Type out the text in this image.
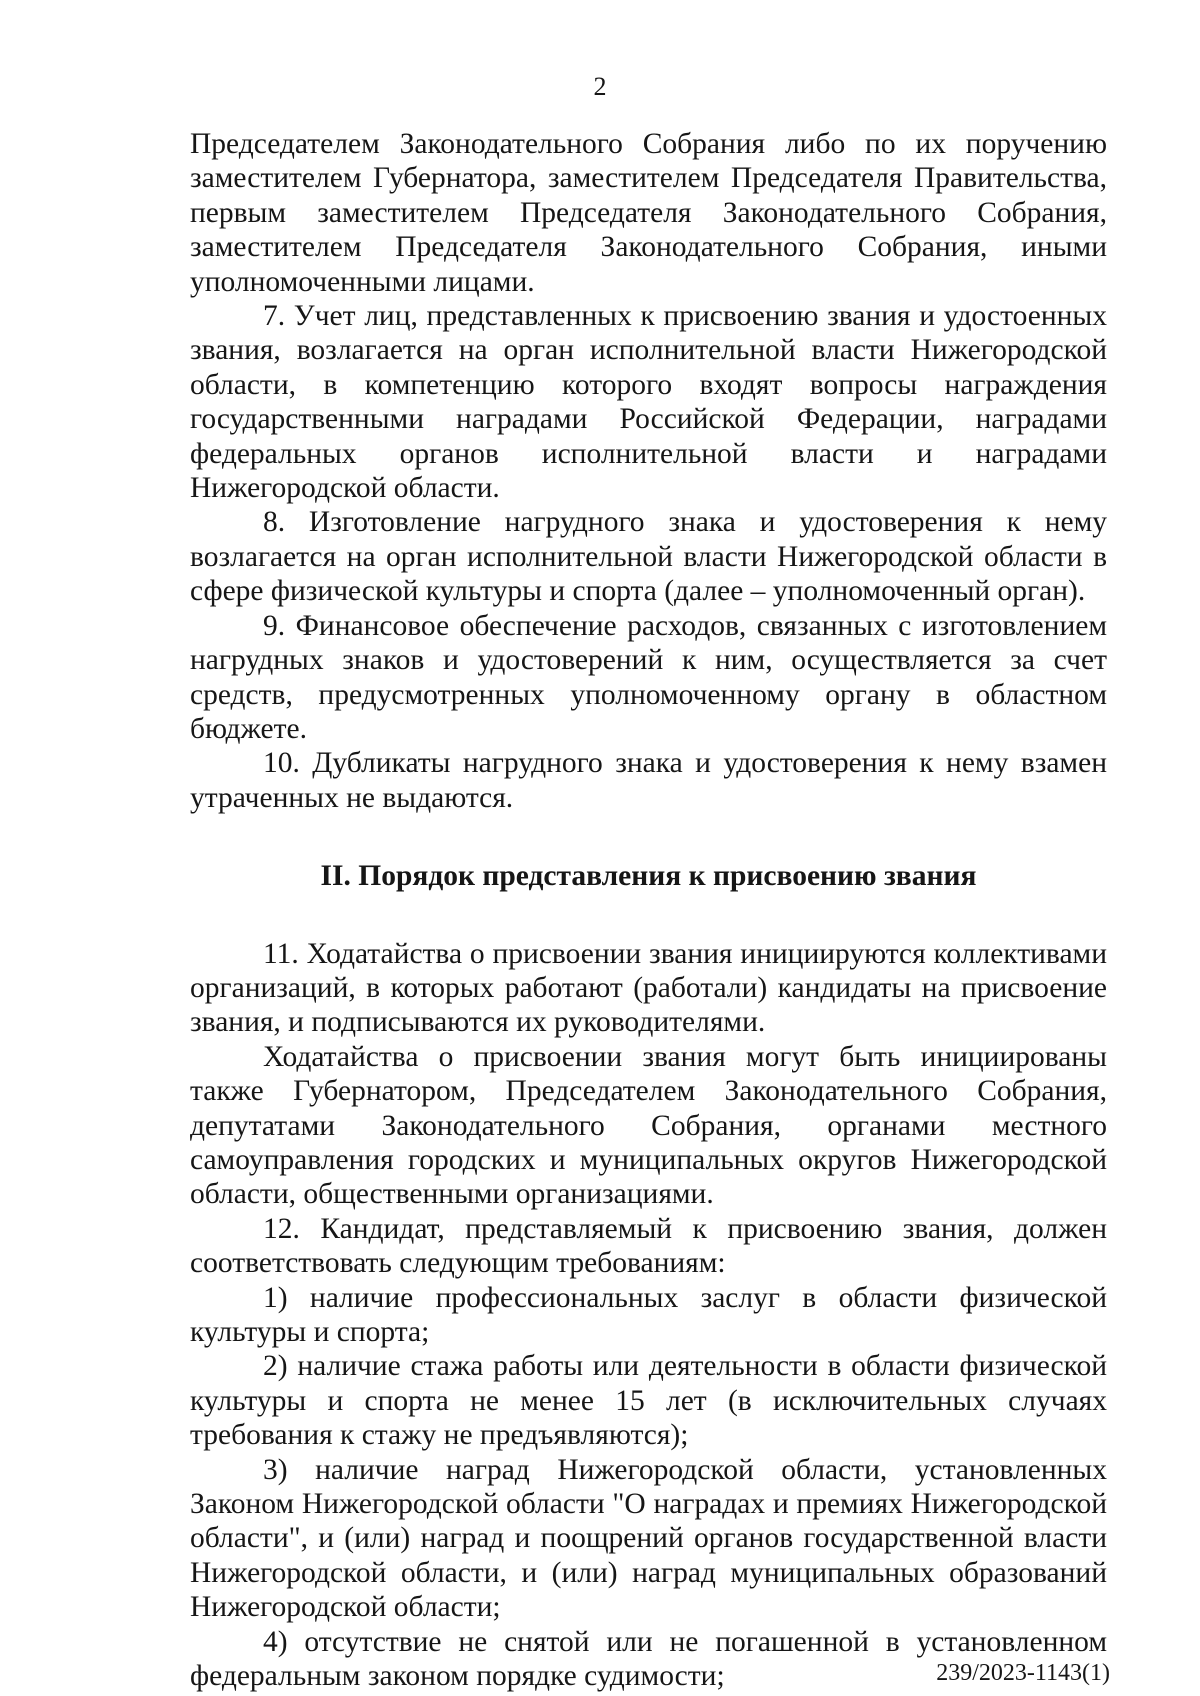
2

Председателем Законодательного Собрания либо по их поручению заместителем Губернатора, заместителем Председателя Правительства, первым заместителем Председателя Законодательного Собрания, заместителем Председателя Законодательного Собрания, иными уполномоченными лицами.

7. Учет лиц, представленных к присвоению звания и удостоенных звания, возлагается на орган исполнительной власти Нижегородской области, в компетенцию которого входят вопросы награждения государственными наградами Российской Федерации, наградами федеральных органов исполнительной власти и наградами Нижегородской области.

8. Изготовление нагрудного знака и удостоверения к нему возлагается на орган исполнительной власти Нижегородской области в сфере физической культуры и спорта (далее – уполномоченный орган).

9. Финансовое обеспечение расходов, связанных с изготовлением нагрудных знаков и удостоверений к ним, осуществляется за счет средств, предусмотренных уполномоченному органу в областном бюджете.

10. Дубликаты нагрудного знака и удостоверения к нему взамен утраченных не выдаются.

II. Порядок представления к присвоению звания

11. Ходатайства о присвоении звания инициируются коллективами организаций, в которых работают (работали) кандидаты на присвоение звания, и подписываются их руководителями.

Ходатайства о присвоении звания могут быть инициированы также Губернатором, Председателем Законодательного Собрания, депутатами Законодательного Собрания, органами местного самоуправления городских и муниципальных округов Нижегородской области, общественными организациями.

12. Кандидат, представляемый к присвоению звания, должен соответствовать следующим требованиям:

1) наличие профессиональных заслуг в области физической культуры и спорта;

2) наличие стажа работы или деятельности в области физической культуры и спорта не менее 15 лет (в исключительных случаях требования к стажу не предъявляются);

3) наличие наград Нижегородской области, установленных Законом Нижегородской области "О наградах и премиях Нижегородской области", и (или) наград и поощрений органов государственной власти Нижегородской области, и (или) наград муниципальных образований Нижегородской области;

4) отсутствие не снятой или не погашенной в установленном федеральным законом порядке судимости;	239/2023-1143(1)
